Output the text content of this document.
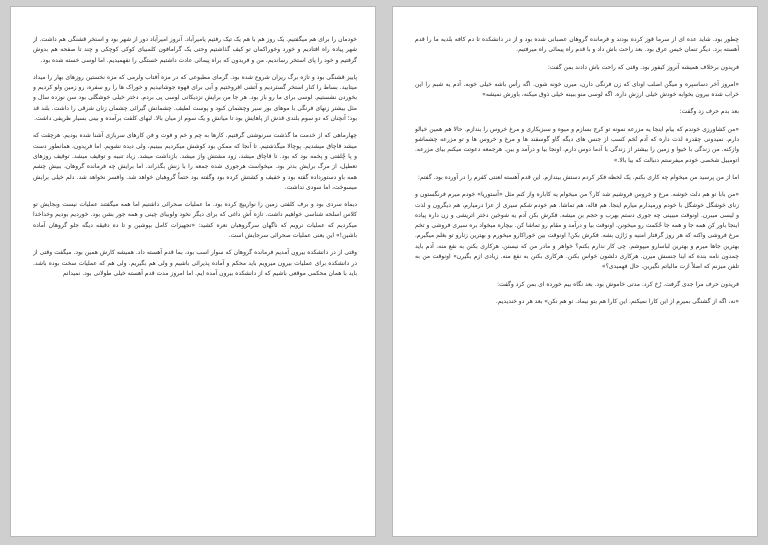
خودمان را برای هم میگفتیم. یک روز هم با هم یک تیک رفتیم یامیرآباد. آنروز امیرآباد دور از شهر بود و استخر قشنگی هم داشت. از شهر پیاده راه افتادیم و خورد وخوراکمان تو کیف گذاشتیم وحتی یک گرامافون کلمبیای کوکی کوچکی و چند تا صفحه هم بدوش گرفتیم و خود را پای استخر رساندیم. من و فریدون که براه پیمائی عادت داشتیم خستگی را نفهمیدیم. اما لوسی خسته شده بود.

پاییز قشنگی بود و تازه برگ ریزان شروع شده بود. گرمای مطبوعی که در مزه آفتاب ولرمی که مزه نخستین روزهای بهار را میداد میتابید. بساط را کنار استخر گستردیم و آتشی افروختیم و آبی برای قهوه جوشانیدیم و خوراک ها را رو سفره، رو زمین ولو کردیم و بخوردن نشستیم. لوسی برای ما رو باز بود. هر جا من برایش نزدیکانی لوسی پی بردم. دختر خیلی خوشگلی بود سن نوزده سال و مثل بیشتر زنهای فرنگی با موهای بور سیر وچشمان کبود و پوست لطیف. چشمانش گیرائی چشمان زنان شرقی را داشت. بلند قد بود؛ آنچنان که دو سوم بلندی قدش از پاهایش بود تا میانش و یک سوم از میان بالا. لبهای کلفت برآمده و بینی بسیار ظریفی داشت.

چهارماهی که از خدمت ما گذشت سرنوشتی گرفتیم. کارها به چم و خم و فوت و فن کارهای سربازی آشنا شده بودیم. هرچقت که میشد قاچاق میشدیم. پوچالا میگذشتیم. تا آنجا که ممکن بود کوشش میکردیم ببینیم، ولی دیده نشویم. اما فریدون، همانطور دست و پا چُلفتی و پخمه بود که بود. تا قاچاق میشد، زود مشتش واز میشد. بازداشت میشد. زیاد تنبیه و توقیف میشد. توقیف روزهای تعطیل، از مرگ برایش بدتر بود. میخواست هرجوری شده جمعه را با زنش بگذراند. اما برایش چه فرمانده گروهان، ببیش چشم همه باو دستورداده گفته بود و خفیف و کشتش کرده بود وگفته بود حتماً گروهبان خواهد شد. وافسر نخواهد شد. دلم خیلی برایش میسوخت، اما سودی نداشت.

دیماه سردی بود و برف کلفتی زمین را نواریپچ کرده بود. ما عملیات صحرائی داشتیم اما همه میگفتند عملیات نیست وبجایش تو کلاس اسلحه شناسی خواهیم داشت. تازه آش داغی که برای دیگر نخود ولوبیای چینی و همه جور بشن بود. خوردیم بودیم وخداخدا میکردیم که عملیات نرویم که ناگهان سرگروهبان نعره کشید: «تجهیزات کامل بپوشین و تا ده دقیقه دیگه جلو گروهان آماده باشین!» این یعنی عملیات صحرائی سرجایش است.

وقتی از در دانشکده بیرون آمدیم فرمانده گروهان که سوار اسب بود، بما قدم آهسته داد. همیشه کارش همین بود. میگفت وقتی از در دانشکده برای عملیات بیرون میرویم باید محکم و آماده پذیرائی باشیم و ولی هم بگیریم. ولی هم که عملیات سخت بوده باشد. باید با همان محکمی موقعی باشیم که از دانشکده بیرون آمده ایم. اما امروز مدت قدم آهسته خیلی طولانی بود. نمیدانم

چطور بود. شاید عده ای از سرما قوز کرده بودند و فرمانده گروهان عصبانی شده بود و از در دانشکده تا دم کافه بلدیه ما را قدم آهسته برد. دیگر تنمان خیس عرق بود. بعد راحت باش داد و با قدم راه پیمائی راه میرفتیم.

فریدون برخلاف همیشه آنروز کیفور بود. وقتی که راحت باش دادند بمن گفت:

«امروز آخر دساسپره و میگن اصلب اونای که زن فرنگی دارن، میرن خونه شون. اگه رأس باشه خیلی خوبه. آدم یه شبم را این خراب شده بیرون بخوابه خودش خیلی ارزش داره. اگه لوسی منو ببینه خیلی ذوق میکنه، باورش نمیشه»

بعد بدم حرف زد وگفت:

«من کشاورزی خوندم که بیام اینجا یه مزرعه نمونه تو کرج بسازم و میوه و سبزیکاری و مرغ خروس را بندازم. حالا هم همین خیالو دارم. نمیدونی چقدره لذت داره که آدم تُخم کسب از جنس های دیگه گاو گوسفند ها و مرغ و خروس ها و تو مزرعه چشماشو وازکنه. من زندگی با خیوا و زمین را بیشتر از زندگی با آدما دوس دارم. اونجا بیا و درآمد و بین. هرجمعه دعوتت میکنم بیای مزرعه. اتومبیل شخصی خودم میفرستم دنبالت که بیا بالا.»

اما از من پرسید من میخوام چه کاری بکنم. یک لحظه فکر کردم دستش بیندازم. این قدم آهسته لعنتی کفرم را در آورده بود. گفتم:

«من بابا تو هم دلت خوشه. مرغ و خروس فروشیم شد کار؟ من میخوام یه کاباره واز کنم مثل «آستوریا» خودم میرم فرنگستون و زنای خوشگل خوشگل با خودم ورمیدارم میارم اینجا. هم فاله، هم تماشا. هم خودم شکم سیری از عزا درمیارم، هم دیگرون و لذت و لیسی میبرن. اونوقت میبینی چه جوری دستم بهرب و حجم بن میشه. فکرش بکن آدم یه شوخین دختر اتریشی و زن داره پیاده اینجا باور کن همه جا و همه جا حُکمت رو میخونن. اونوقت بیا و درآمد و مقام رو تماشا کن. بیچاره میخواد بره سیری فروشی و تخم مرغ فروشی واکنه که هر روز گرفتار امنیه و ژاژن بشه. فکرش بکن! اونوقت بین خوراکارو میخورم و بهترین زنارو تو بغلم میگیرم. بهترین جاها میرم و بهترین لباسارو میپوشم. چی کار ندارم بکنم؟ خواهر و مادر من که نیستن. هرکاری بکنن به نفع منه. آدم باید چمدون نامه بنده که اینا جنسش میرن. هرکاری دلشون خواس بکنن. هرکاری بکنن به نفع منه. زیادی ازم بگیرن» اونوقت من به تلفن میزنم که اصلاً ازت مالیاتم نگیرین. حال فهمیدی؟»

فریدون حرف مرا جدی گرفت. رُخ کرد. مدتی خاموش بود. بعد نگاه بیم خورده ای بمن کرد وگفت:

«نه، اگه از گشنگی بمیرم از این کارا نمیکنم. این کارا هم بتو نیماد. تو هم نکن» بعد هر دو خندیدیم.
